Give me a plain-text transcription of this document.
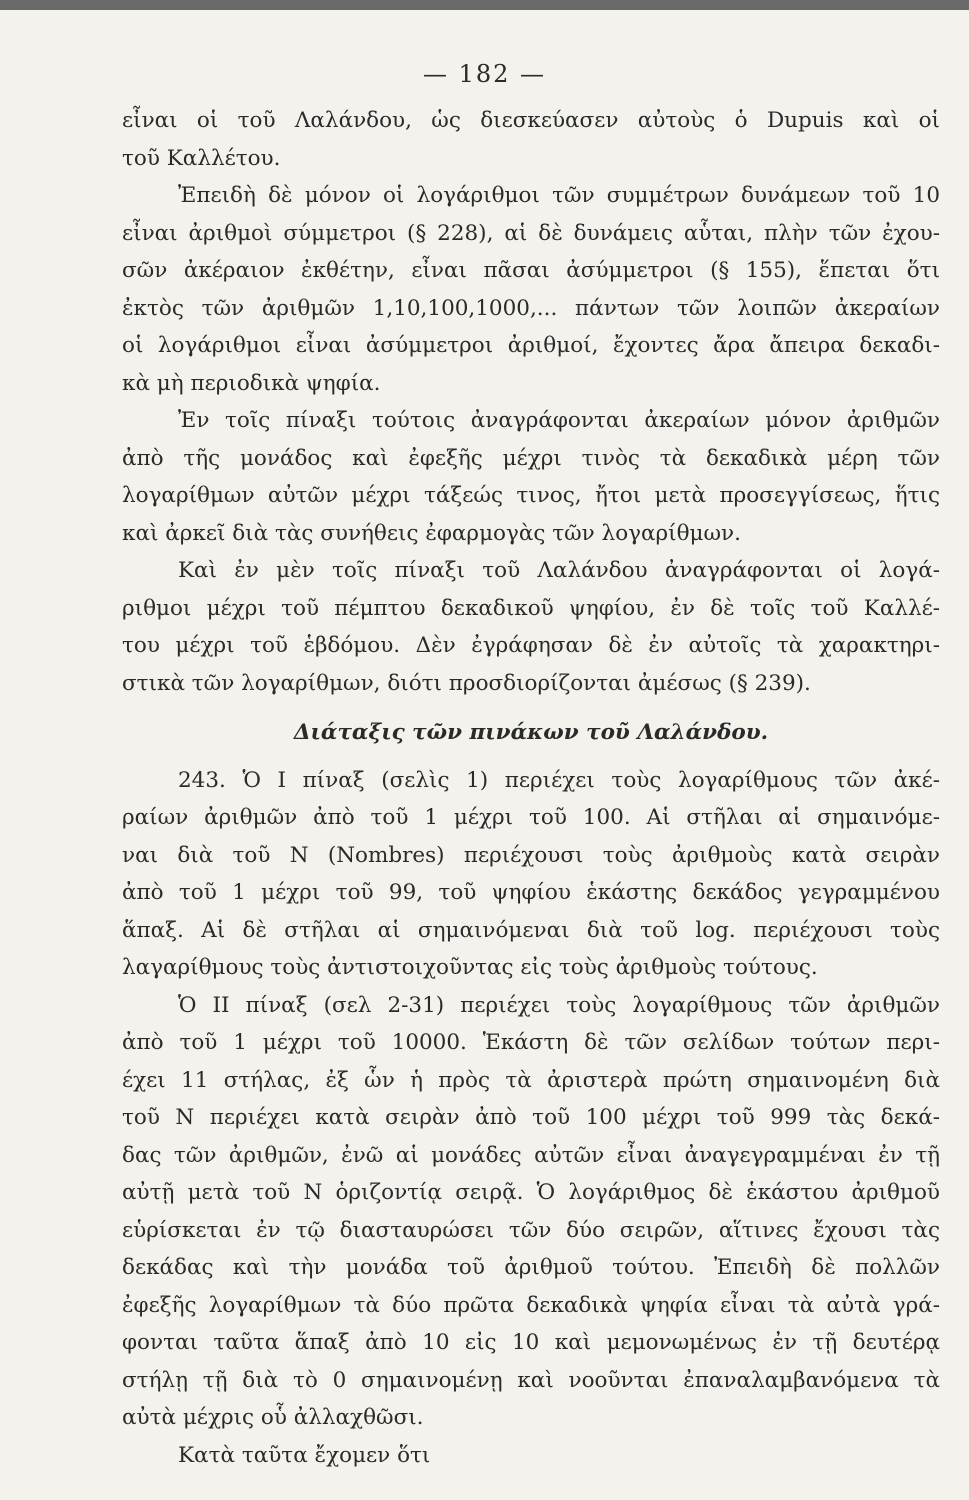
— 182 —
εἶναι οἱ τοῦ Λαλάνδου, ὡς διεσκεύασεν αὐτοὺς ὁ Dupuis καὶ οἱ
τοῦ Καλλέτου.
Ἐπειδὴ δὲ μόνον οἱ λογάριθμοι τῶν συμμέτρων δυνάμεων τοῦ 10
εἶναι ἀριθμοὶ σύμμετροι (§ 228), αἱ δὲ δυνάμεις αὗται, πλὴν τῶν ἐχου-
σῶν ἀκέραιον ἐκθέτην, εἶναι πᾶσαι ἀσύμμετροι (§ 155), ἕπεται ὅτι
ἐκτὸς τῶν ἀριθμῶν 1,10,100,1000,... πάντων τῶν λοιπῶν ἀκεραίων
οἱ λογάριθμοι εἶναι ἀσύμμετροι ἀριθμοί, ἔχοντες ἄρα ἄπειρα δεκαδι-
κὰ μὴ περιοδικὰ ψηφία.
Ἐν τοῖς πίναξι τούτοις ἀναγράφονται ἀκεραίων μόνον ἀριθμῶν
ἀπὸ τῆς μονάδος καὶ ἐφεξῆς μέχρι τινὸς τὰ δεκαδικὰ μέρη τῶν
λογαρίθμων αὐτῶν μέχρι τάξεώς τινος, ἤτοι μετὰ προσεγγίσεως, ἥτις
καὶ ἀρκεῖ διὰ τὰς συνήθεις ἐφαρμογὰς τῶν λογαρίθμων.
Καὶ ἐν μὲν τοῖς πίναξι τοῦ Λαλάνδου ἀναγράφονται οἱ λογά-
ριθμοι μέχρι τοῦ πέμπτου δεκαδικοῦ ψηφίου, ἐν δὲ τοῖς τοῦ Καλλέ-
του μέχρι τοῦ ἑβδόμου. Δὲν ἐγράφησαν δὲ ἐν αὐτοῖς τὰ χαρακτηρι-
στικὰ τῶν λογαρίθμων, διότι προσδιορίζονται ἀμέσως (§ 239).
Διάταξις τῶν πινάκων τοῦ Λαλάνδου.
243. Ὁ I πίναξ (σελὶς 1) περιέχει τοὺς λογαρίθμους τῶν ἀκέ-
ραίων ἀριθμῶν ἀπὸ τοῦ 1 μέχρι τοῦ 100. Αἱ στῆλαι αἱ σημαινόμε-
ναι διὰ τοῦ N (Nombres) περιέχουσι τοὺς ἀριθμοὺς κατὰ σειρὰν
ἀπὸ τοῦ 1 μέχρι τοῦ 99, τοῦ ψηφίου ἑκάστης δεκάδος γεγραμμένου
ἅπαξ. Αἱ δὲ στῆλαι αἱ σημαινόμεναι διὰ τοῦ log. περιέχουσι τοὺς
λαγαρίθμους τοὺς ἀντιστοιχοῦντας εἰς τοὺς ἀριθμοὺς τούτους.
Ὁ II πίναξ (σελ 2-31) περιέχει τοὺς λογαρίθμους τῶν ἀριθμῶν
ἀπὸ τοῦ 1 μέχρι τοῦ 10000. Ἑκάστη δὲ τῶν σελίδων τούτων περι-
έχει 11 στήλας, ἐξ ὧν ἡ πρὸς τὰ ἀριστερὰ πρώτη σημαινομένη διὰ
τοῦ N περιέχει κατὰ σειρὰν ἀπὸ τοῦ 100 μέχρι τοῦ 999 τὰς δεκά-
δας τῶν ἀριθμῶν, ἐνῶ αἱ μονάδες αὐτῶν εἶναι ἀναγεγραμμέναι ἐν τῇ
αὐτῇ μετὰ τοῦ N ὁριζοντίᾳ σειρᾷ. Ὁ λογάριθμος δὲ ἑκάστου ἀριθμοῦ
εὑρίσκεται ἐν τῷ διασταυρώσει τῶν δύο σειρῶν, αἵτινες ἔχουσι τὰς
δεκάδας καὶ τὴν μονάδα τοῦ ἀριθμοῦ τούτου. Ἐπειδὴ δὲ πολλῶν
ἐφεξῆς λογαρίθμων τὰ δύο πρῶτα δεκαδικὰ ψηφία εἶναι τὰ αὐτὰ γρά-
φονται ταῦτα ἅπαξ ἀπὸ 10 εἰς 10 καὶ μεμονωμένως ἐν τῇ δευτέρᾳ
στήλῃ τῇ διὰ τὸ 0 σημαινομένῃ καὶ νοοῦνται ἐπαναλαμβανόμενα τὰ
αὐτὰ μέχρις οὗ ἀλλαχθῶσι.
Κατὰ ταῦτα ἔχομεν ὅτι
